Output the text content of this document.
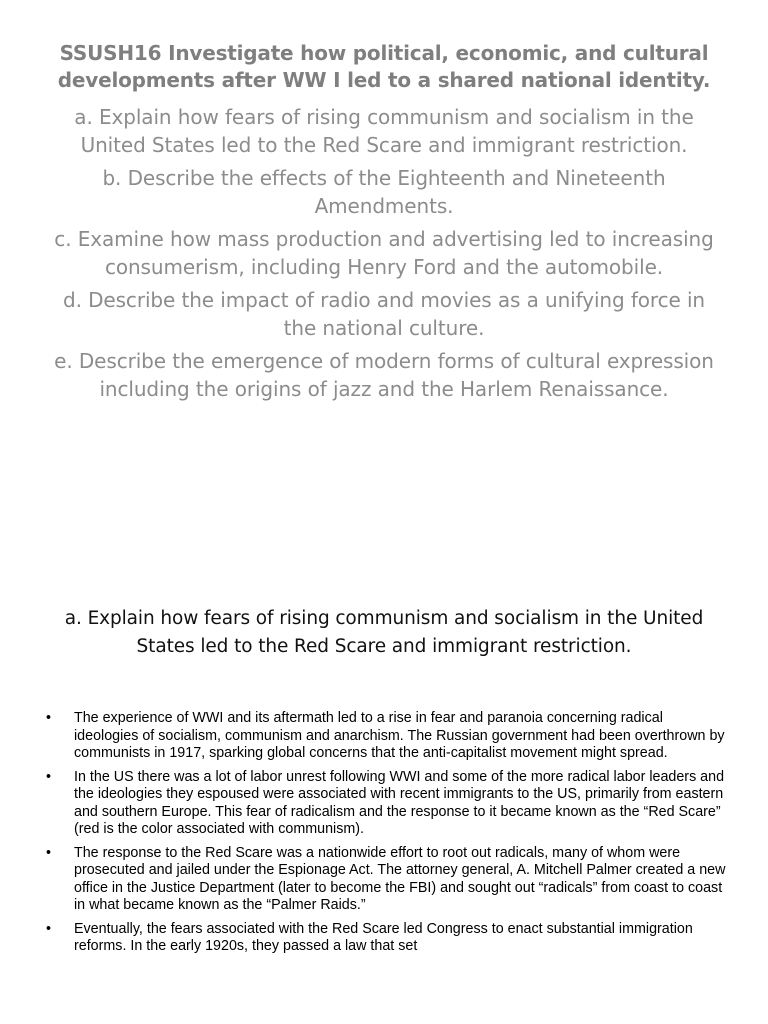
SSUSH16 Investigate how political, economic, and cultural developments after WW I led to a shared national identity.
a. Explain how fears of rising communism and socialism in the United States led to the Red Scare and immigrant restriction.
b. Describe the effects of the Eighteenth and Nineteenth Amendments.
c. Examine how mass production and advertising led to increasing consumerism, including Henry Ford and the automobile.
d. Describe the impact of radio and movies as a unifying force in the national culture.
e. Describe the emergence of modern forms of cultural expression including the origins of jazz and the Harlem Renaissance.
a. Explain how fears of rising communism and socialism in the United States led to the Red Scare and immigrant restriction.
• The experience of WWI and its aftermath led to a rise in fear and paranoia concerning radical ideologies of socialism, communism and anarchism. The Russian government had been overthrown by communists in 1917, sparking global concerns that the anti-capitalist movement might spread.
• In the US there was a lot of labor unrest following WWI and some of the more radical labor leaders and the ideologies they espoused were associated with recent immigrants to the US, primarily from eastern and southern Europe. This fear of radicalism and the response to it became known as the “Red Scare” (red is the color associated with communism).
• The response to the Red Scare was a nationwide effort to root out radicals, many of whom were prosecuted and jailed under the Espionage Act. The attorney general, A. Mitchell Palmer created a new office in the Justice Department (later to become the FBI) and sought out “radicals” from coast to coast in what became known as the “Palmer Raids.”
• Eventually, the fears associated with the Red Scare led Congress to enact substantial immigration reforms. In the early 1920s, they passed a law that set
